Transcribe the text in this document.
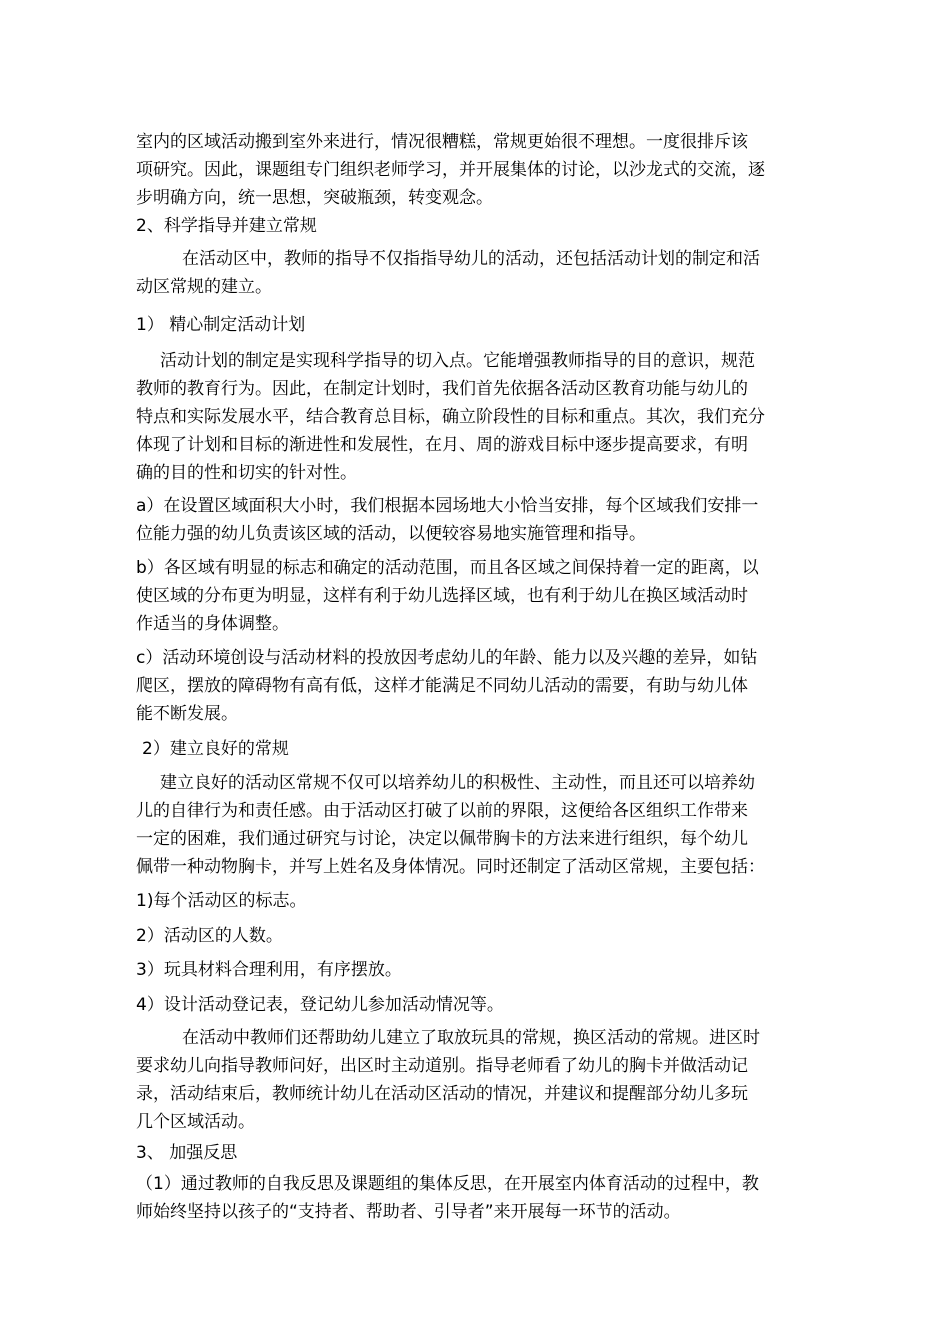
室内的区域活动搬到室外来进行，情况很糟糕，常规更始很不理想。一度很排斥该
项研究。因此，课题组专门组织老师学习，并开展集体的讨论，以沙龙式的交流，逐
步明确方向，统一思想，突破瓶颈，转变观念。
2、科学指导并建立常规
在活动区中，教师的指导不仅指指导幼儿的活动，还包括活动计划的制定和活
动区常规的建立。
1） 精心制定活动计划
活动计划的制定是实现科学指导的切入点。它能增强教师指导的目的意识，规范
教师的教育行为。因此，在制定计划时，我们首先依据各活动区教育功能与幼儿的
特点和实际发展水平，结合教育总目标，确立阶段性的目标和重点。其次，我们充分
体现了计划和目标的渐进性和发展性，在月、周的游戏目标中逐步提高要求，有明
确的目的性和切实的针对性。
a）在设置区域面积大小时，我们根据本园场地大小恰当安排，每个区域我们安排一
位能力强的幼儿负责该区域的活动，以便较容易地实施管理和指导。
b）各区域有明显的标志和确定的活动范围，而且各区域之间保持着一定的距离，以
使区域的分布更为明显，这样有利于幼儿选择区域，也有利于幼儿在换区域活动时
作适当的身体调整。
c）活动环境创设与活动材料的投放因考虑幼儿的年龄、能力以及兴趣的差异，如钻
爬区，摆放的障碍物有高有低，这样才能满足不同幼儿活动的需要，有助与幼儿体
能不断发展。
2）建立良好的常规
建立良好的活动区常规不仅可以培养幼儿的积极性、主动性，而且还可以培养幼
儿的自律行为和责任感。由于活动区打破了以前的界限，这便给各区组织工作带来
一定的困难，我们通过研究与讨论，决定以佩带胸卡的方法来进行组织，每个幼儿
佩带一种动物胸卡，并写上姓名及身体情况。同时还制定了活动区常规，主要包括：
1)每个活动区的标志。
2）活动区的人数。
3）玩具材料合理利用，有序摆放。
4）设计活动登记表，登记幼儿参加活动情况等。
在活动中教师们还帮助幼儿建立了取放玩具的常规，换区活动的常规。进区时
要求幼儿向指导教师问好，出区时主动道别。指导老师看了幼儿的胸卡并做活动记
录，活动结束后，教师统计幼儿在活动区活动的情况，并建议和提醒部分幼儿多玩
几个区域活动。
3、 加强反思
（1）通过教师的自我反思及课题组的集体反思，在开展室内体育活动的过程中，教
师始终坚持以孩子的“支持者、帮助者、引导者”来开展每一环节的活动。
